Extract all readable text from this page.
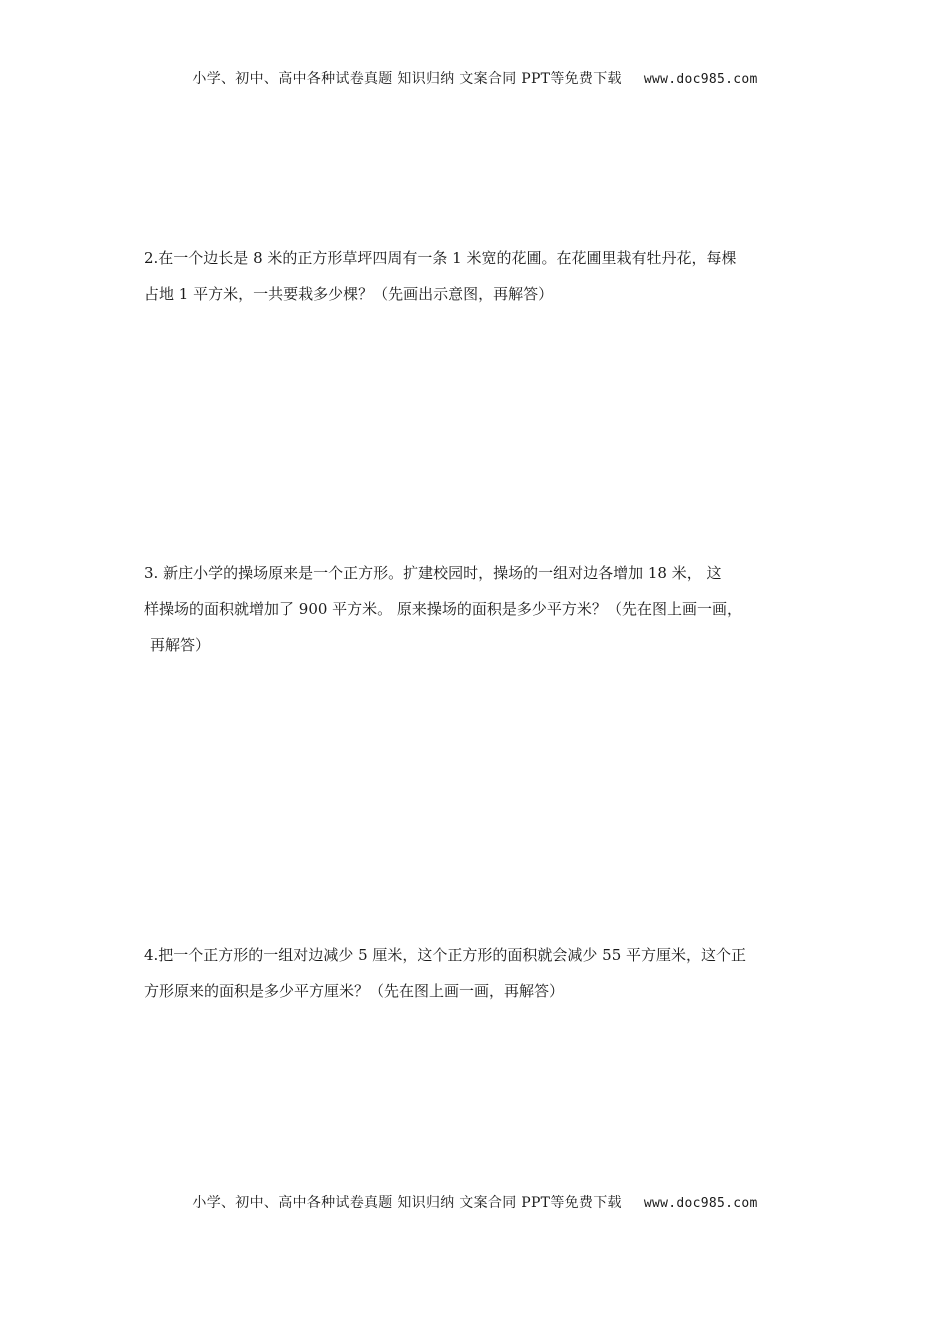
小学、初中、高中各种试卷真题 知识归纳 文案合同 PPT等免费下载 www.doc985.com
2.在一个边长是 8 米的正方形草坪四周有一条 1 米宽的花圃。在花圃里栽有牡丹花，每棵
占地 1 平方米，一共要栽多少棵？（先画出示意图，再解答）
3. 新庄小学的操场原来是一个正方形。扩建校园时，操场的一组对边各增加 18 米， 这
样操场的面积就增加了 900 平方米。 原来操场的面积是多少平方米？（先在图上画一画，
再解答）
4.把一个正方形的一组对边减少 5 厘米，这个正方形的面积就会减少 55 平方厘米，这个正
方形原来的面积是多少平方厘米？（先在图上画一画，再解答）
小学、初中、高中各种试卷真题 知识归纳 文案合同 PPT等免费下载 www.doc985.com
